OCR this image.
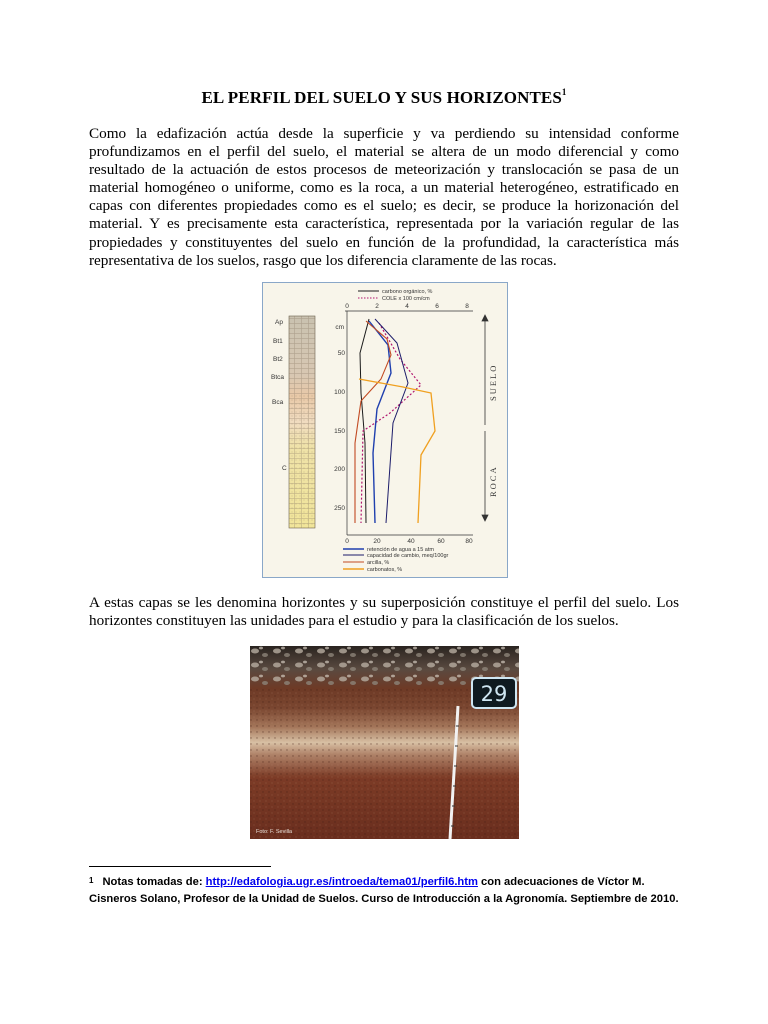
EL PERFIL DEL SUELO Y SUS HORIZONTES$^1$
Como la edafización actúa desde la superficie y va perdiendo su intensidad conforme profundizamos en el perfil del suelo, el material se altera de un modo diferencial y como resultado de la actuación de estos procesos de meteorización y translocación se pasa de un material homogéneo o uniforme, como es la roca, a un material heterogéneo, estratificado en capas con diferentes propiedades como es el suelo; es decir, se produce la horizonación del material. Y es precisamente esta característica, representada por la variación regular de las propiedades y constituyentes del suelo en función de la profundidad, la característica más representativa de los suelos, rasgo que los diferencia claramente de las rocas.
Ap
Bt1
Bt2
Btca
Bca
C
carbono orgánico, %
COLE x 100 cm/cm
0	2	4	6	8
cm
50
100
150
200
250
0	20	40	60	80
SUELO
ROCA
retención de agua a 15 atm
capacidad de cambio, meq/100gr
arcilla, %
carbonatos, %
A estas capas se les denomina horizontes y su superposición constituye el perfil del suelo. Los horizontes constituyen las unidades para el estudio y para la clasificación de los suelos.
29
Foto: F. Sevilla
$^1$ Notas tomadas de: http://edafologia.ugr.es/introeda/tema01/perfil6.htm con adecuaciones de Víctor M. Cisneros Solano, Profesor de la Unidad de Suelos. Curso de Introducción a la Agronomía. Septiembre de 2010.
